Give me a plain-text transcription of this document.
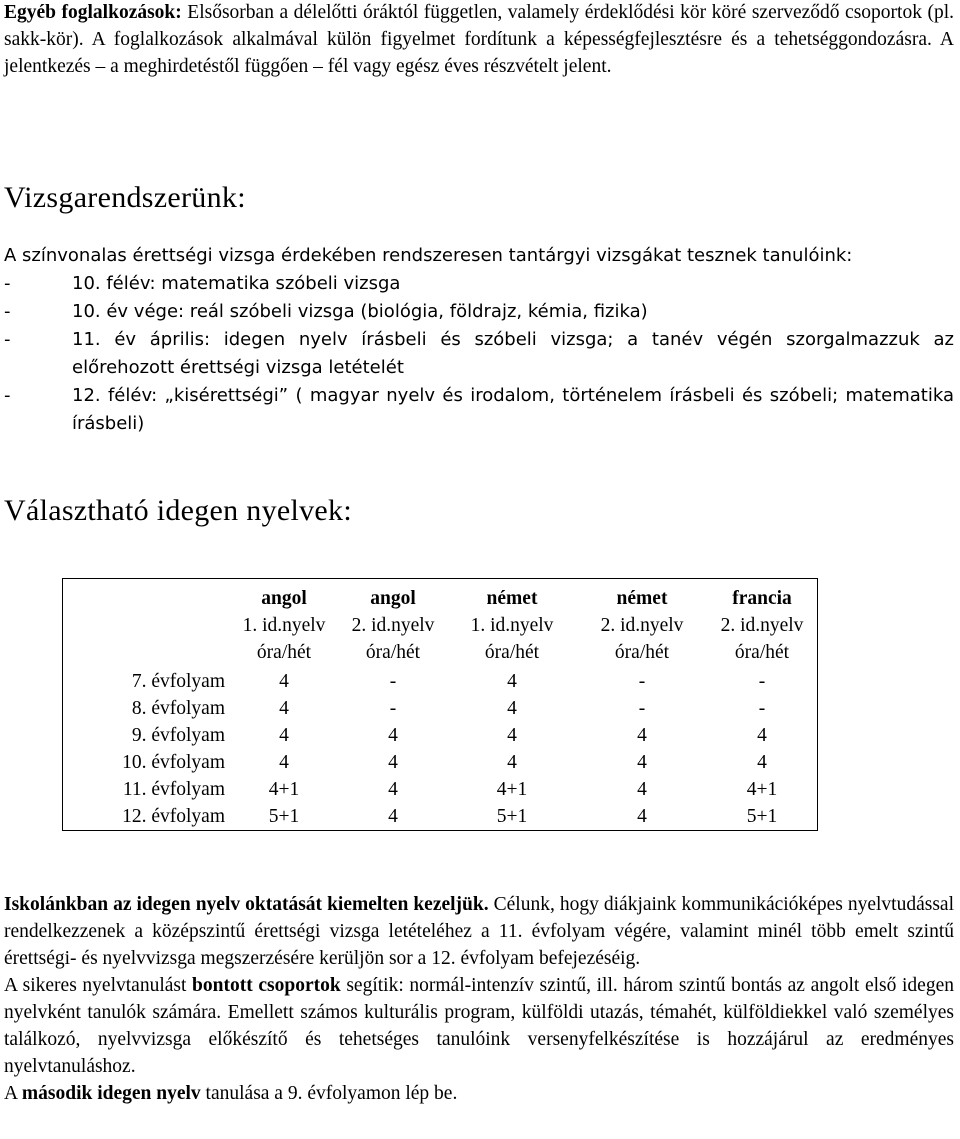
Egyéb foglalkozások: Elsősorban a délelőtti óráktól független, valamely érdeklődési kör köré szerveződő csoportok (pl. sakk-kör). A foglalkozások alkalmával külön figyelmet fordítunk a képességfejlesztésre és a tehetséggondozásra. A jelentkezés – a meghirdetéstől függően – fél vagy egész éves részvételt jelent.

Vizsgarendszerünk:
A színvonalas érettségi vizsga érdekében rendszeresen tantárgyi vizsgákat tesznek tanulóink:
-	10. félév: matematika szóbeli vizsga
-	10. év vége: reál szóbeli vizsga (biológia, földrajz, kémia, fizika)
-	11. év április: idegen nyelv írásbeli és szóbeli vizsga; a tanév végén szorgalmazzuk az előrehozott érettségi vizsga letételét
-	12. félév: „kisérettségi” ( magyar nyelv és irodalom, történelem írásbeli és szóbeli; matematika írásbeli)
Választható idegen nyelvek:

	angol
1. id.nyelv
óra/hét	angol
2. id.nyelv
óra/hét	német
1. id.nyelv
óra/hét	német
2. id.nyelv
óra/hét	francia
2. id.nyelv
óra/hét

7. évfolyam	4	-	4	-	-
8. évfolyam	4	-	4	-	-
9. évfolyam	4	4	4	4	4
10. évfolyam	4	4	4	4	4
11. évfolyam	4+1	4	4+1	4	4+1
12. évfolyam	5+1	4	5+1	4	5+1

Iskolánkban az idegen nyelv oktatását kiemelten kezeljük. Célunk, hogy diákjaink kommunikációképes nyelvtudással rendelkezzenek a középszintű érettségi vizsga letételéhez a 11. évfolyam végére, valamint minél több emelt szintű érettségi- és nyelvvizsga megszerzésére kerüljön sor a 12. évfolyam befejezéséig.

A sikeres nyelvtanulást bontott csoportok segítik: normál-intenzív szintű, ill. három szintű bontás az angolt első idegen nyelvként tanulók számára. Emellett számos kulturális program, külföldi utazás, témahét, külföldiekkel való személyes találkozó, nyelvvizsga előkészítő és tehetséges tanulóink versenyfelkészítése is hozzájárul az eredményes nyelvtanuláshoz.

A második idegen nyelv tanulása a 9. évfolyamon lép be.
